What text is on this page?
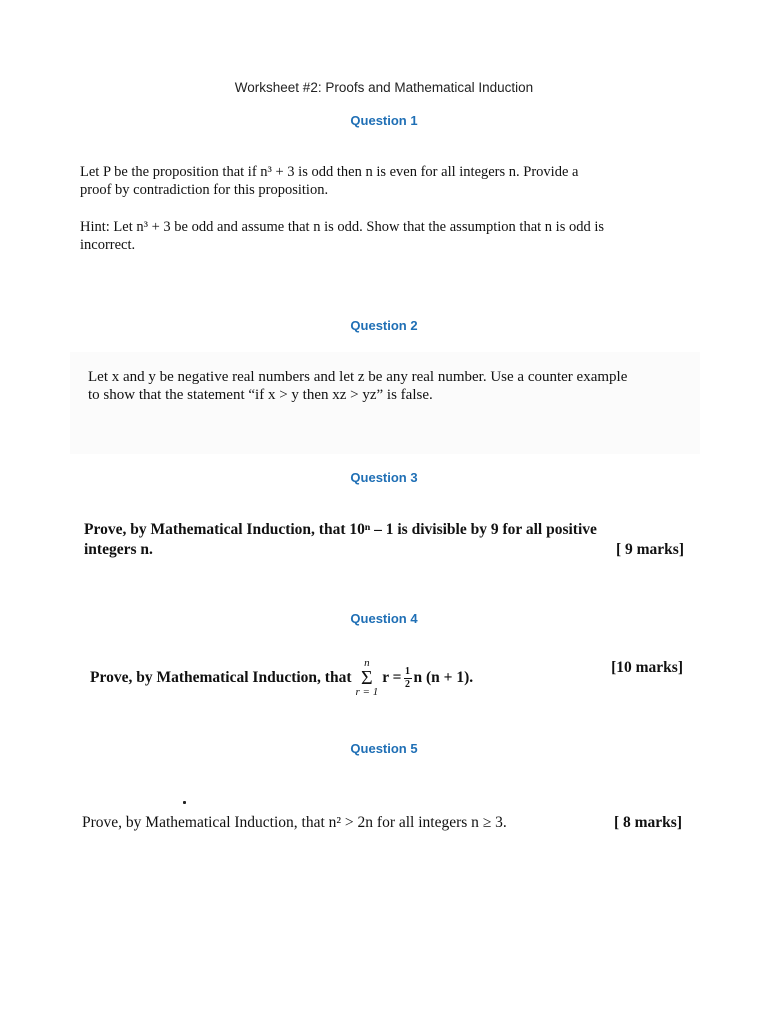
Worksheet #2: Proofs and Mathematical Induction
Question 1
Let P be the proposition that if n³ + 3 is odd then n is even for all integers n. Provide a
proof by contradiction for this proposition.
Hint: Let n³ + 3 be odd and assume that n is odd. Show that the assumption that n is odd is
incorrect.
Question 2
Let x and y be negative real numbers and let z be any real number. Use a counter example
to show that the statement “if x > y then xz > yz” is false.
Question 3
Prove, by Mathematical Induction, that 10ⁿ – 1 is divisible by 9 for all positive
integers n.	[ 9 marks]
Question 4
Prove, by Mathematical Induction, that
n
Σ
r = 1
$r = \frac{1}{2}$ n (n + 1).
[10 marks]
Question 5
Prove, by Mathematical Induction, that n² > 2n for all integers n ≥ 3.	[ 8 marks]
